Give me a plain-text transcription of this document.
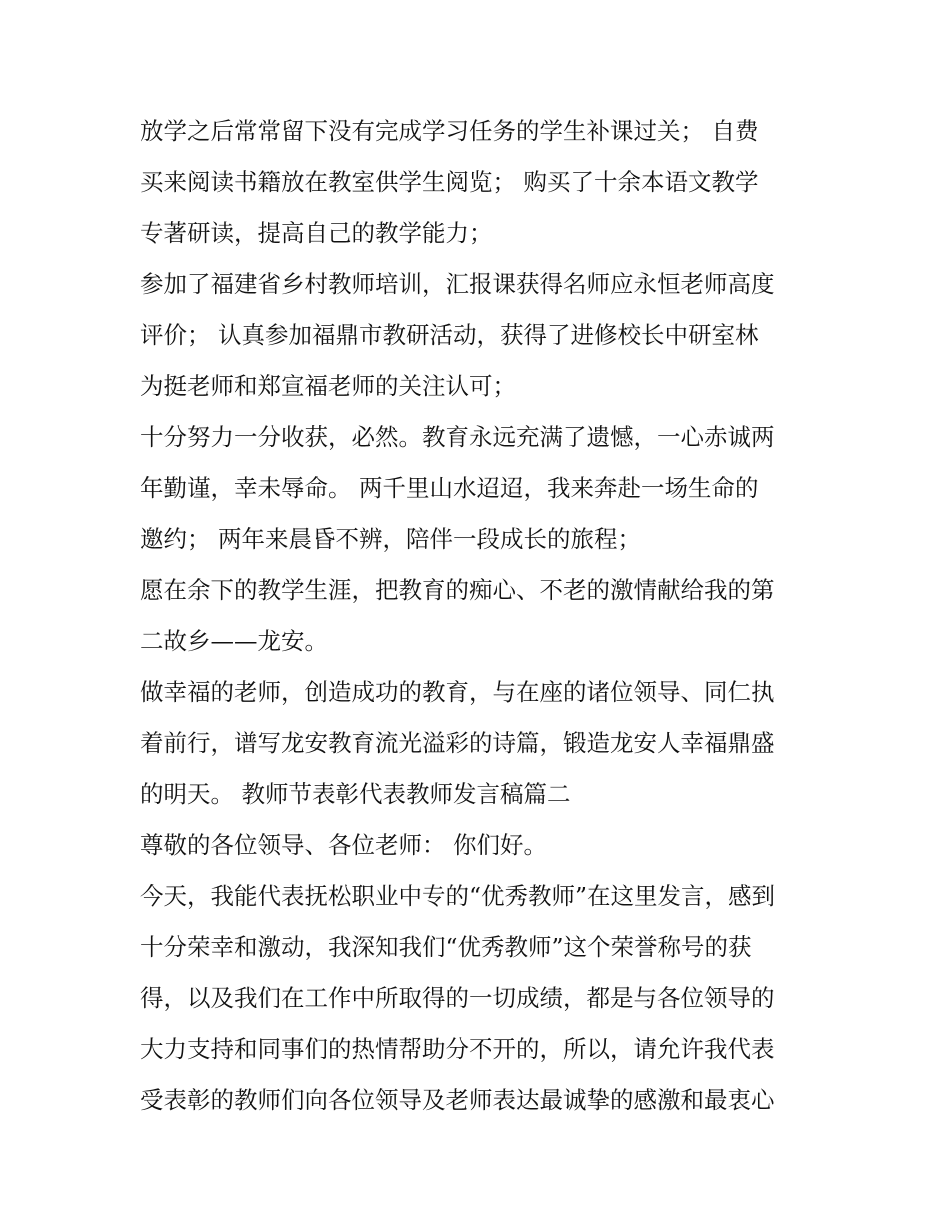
放学之后常常留下没有完成学习任务的学生补课过关； 自费
买来阅读书籍放在教室供学生阅览； 购买了十余本语文教学
专著研读，提高自己的教学能力；
参加了福建省乡村教师培训，汇报课获得名师应永恒老师高度
评价； 认真参加福鼎市教研活动，获得了进修校长中研室林
为挺老师和郑宣福老师的关注认可；
十分努力一分收获，必然。教育永远充满了遗憾，一心赤诚两
年勤谨，幸未辱命。 两千里山水迢迢，我来奔赴一场生命的
邀约； 两年来晨昏不辨，陪伴一段成长的旅程；
愿在余下的教学生涯，把教育的痴心、不老的激情献给我的第
二故乡——龙安。
做幸福的老师，创造成功的教育，与在座的诸位领导、同仁执
着前行，谱写龙安教育流光溢彩的诗篇，锻造龙安人幸福鼎盛
的明天。 教师节表彰代表教师发言稿篇二
尊敬的各位领导、各位老师： 你们好。
今天，我能代表抚松职业中专的“优秀教师”在这里发言，感到
十分荣幸和激动，我深知我们“优秀教师”这个荣誉称号的获
得，以及我们在工作中所取得的一切成绩，都是与各位领导的
大力支持和同事们的热情帮助分不开的，所以，请允许我代表
受表彰的教师们向各位领导及老师表达最诚挚的感激和最衷心
